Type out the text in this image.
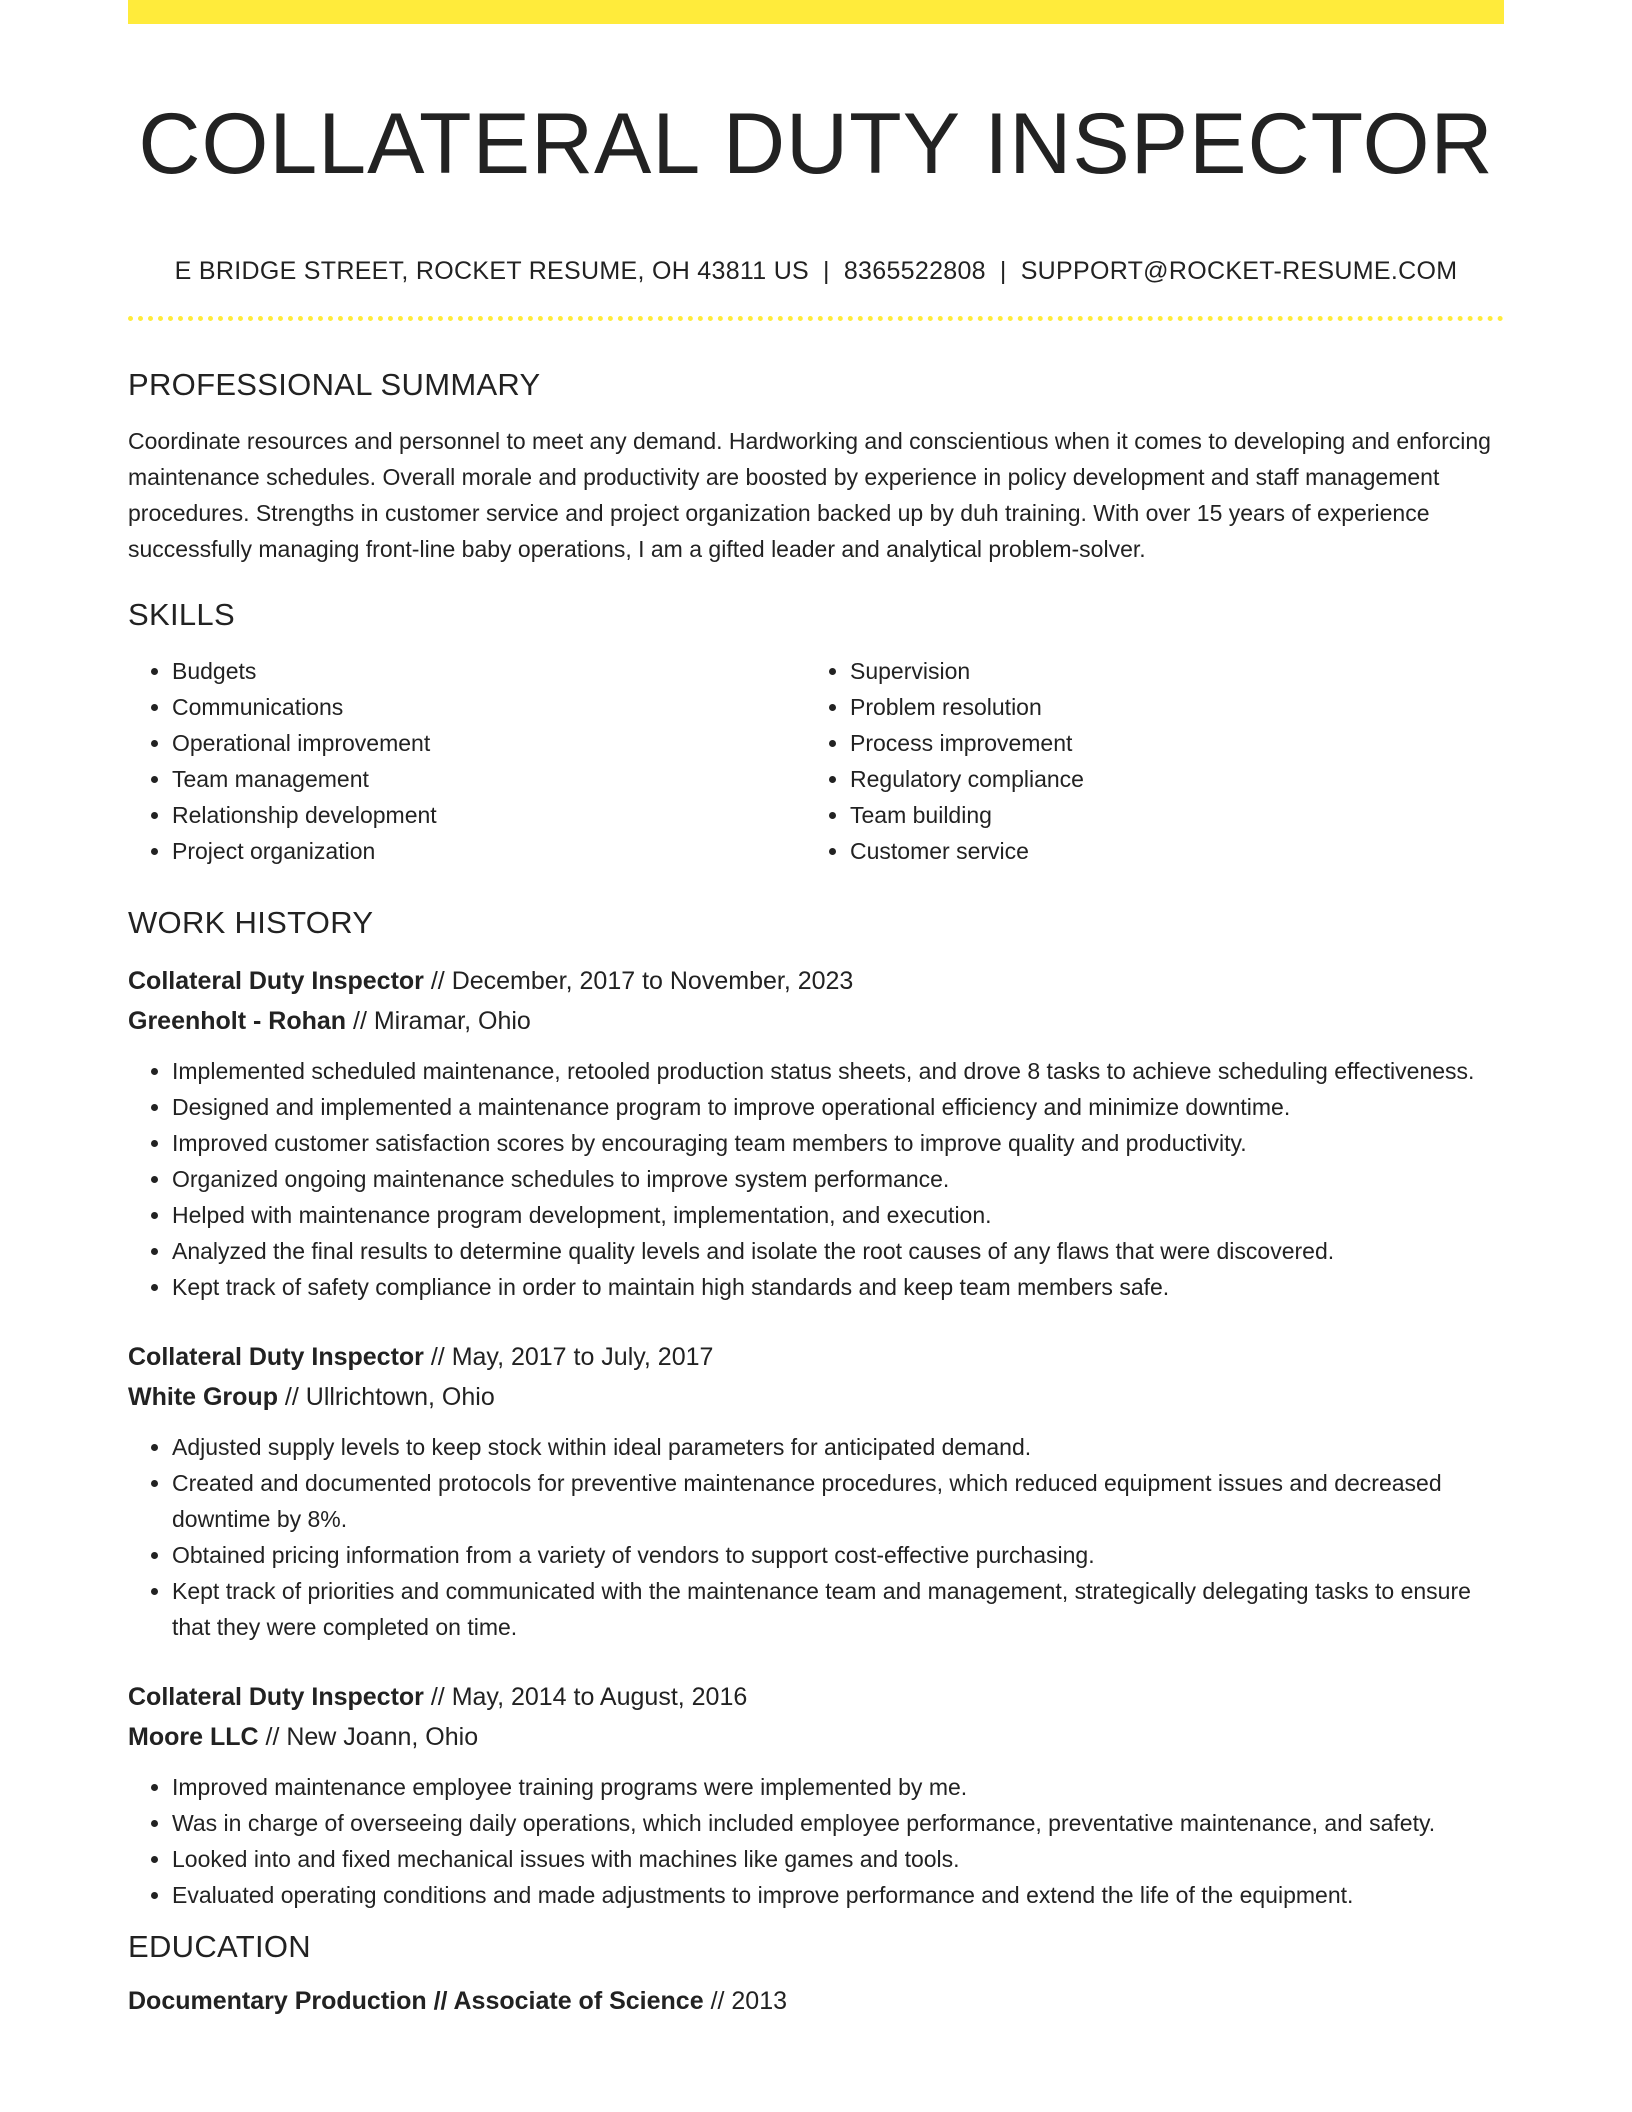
COLLATERAL DUTY INSPECTOR
E BRIDGE STREET, ROCKET RESUME, OH 43811 US | 8365522808 | SUPPORT@ROCKET-RESUME.COM
PROFESSIONAL SUMMARY
Coordinate resources and personnel to meet any demand. Hardworking and conscientious when it comes to developing and enforcing maintenance schedules. Overall morale and productivity are boosted by experience in policy development and staff management procedures. Strengths in customer service and project organization backed up by duh training. With over 15 years of experience successfully managing front-line baby operations, I am a gifted leader and analytical problem-solver.
SKILLS
• Budgets
• Communications
• Operational improvement
• Team management
• Relationship development
• Project organization
• Supervision
• Problem resolution
• Process improvement
• Regulatory compliance
• Team building
• Customer service
WORK HISTORY
Collateral Duty Inspector // December, 2017 to November, 2023
Greenholt - Rohan // Miramar, Ohio
• Implemented scheduled maintenance, retooled production status sheets, and drove 8 tasks to achieve scheduling effectiveness.
• Designed and implemented a maintenance program to improve operational efficiency and minimize downtime.
• Improved customer satisfaction scores by encouraging team members to improve quality and productivity.
• Organized ongoing maintenance schedules to improve system performance.
• Helped with maintenance program development, implementation, and execution.
• Analyzed the final results to determine quality levels and isolate the root causes of any flaws that were discovered.
• Kept track of safety compliance in order to maintain high standards and keep team members safe.
Collateral Duty Inspector // May, 2017 to July, 2017
White Group // Ullrichtown, Ohio
• Adjusted supply levels to keep stock within ideal parameters for anticipated demand.
• Created and documented protocols for preventive maintenance procedures, which reduced equipment issues and decreased downtime by 8%.
• Obtained pricing information from a variety of vendors to support cost-effective purchasing.
• Kept track of priorities and communicated with the maintenance team and management, strategically delegating tasks to ensure that they were completed on time.
Collateral Duty Inspector // May, 2014 to August, 2016
Moore LLC // New Joann, Ohio
• Improved maintenance employee training programs were implemented by me.
• Was in charge of overseeing daily operations, which included employee performance, preventative maintenance, and safety.
• Looked into and fixed mechanical issues with machines like games and tools.
• Evaluated operating conditions and made adjustments to improve performance and extend the life of the equipment.
EDUCATION
Documentary Production // Associate of Science // 2013
